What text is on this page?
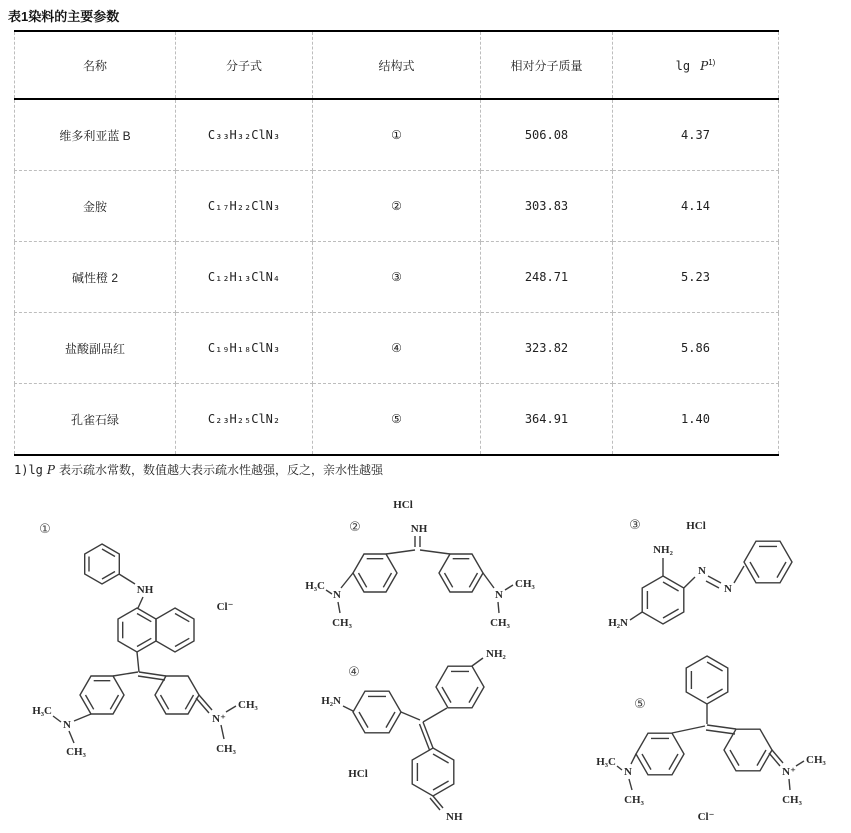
表1染料的主要参数
名称	分子式	结构式	相对分子质量	$\lg P^{1)}$
维多利亚蓝 B	C₃₃H₃₂ClN₃	①	506.08	4.37
金胺	C₁₇H₂₂ClN₃	②	303.83	4.14
碱性橙 2	C₁₂H₁₃ClN₄	③	248.71	5.23
盐酸副品红	C₁₉H₁₈ClN₃	④	323.82	5.86
孔雀石绿	C₂₃H₂₅ClN₂	⑤	364.91	1.40
1)lg P 表示疏水常数，数值越大表示疏水性越强，反之，亲水性越强
①
NH
Cl⁻
N
H₃C
CH₃
N⁺
CH₃
CH₃
HCl
②	NH
N
H₃C
CH₃
N
CH₃
CH₃
③	HCl
NH₂
N
N
H₂N
④
H₂N
NH₂
NH
HCl
⑤
N
H₃C
CH₃
N⁺
CH₃
CH₃
Cl⁻
